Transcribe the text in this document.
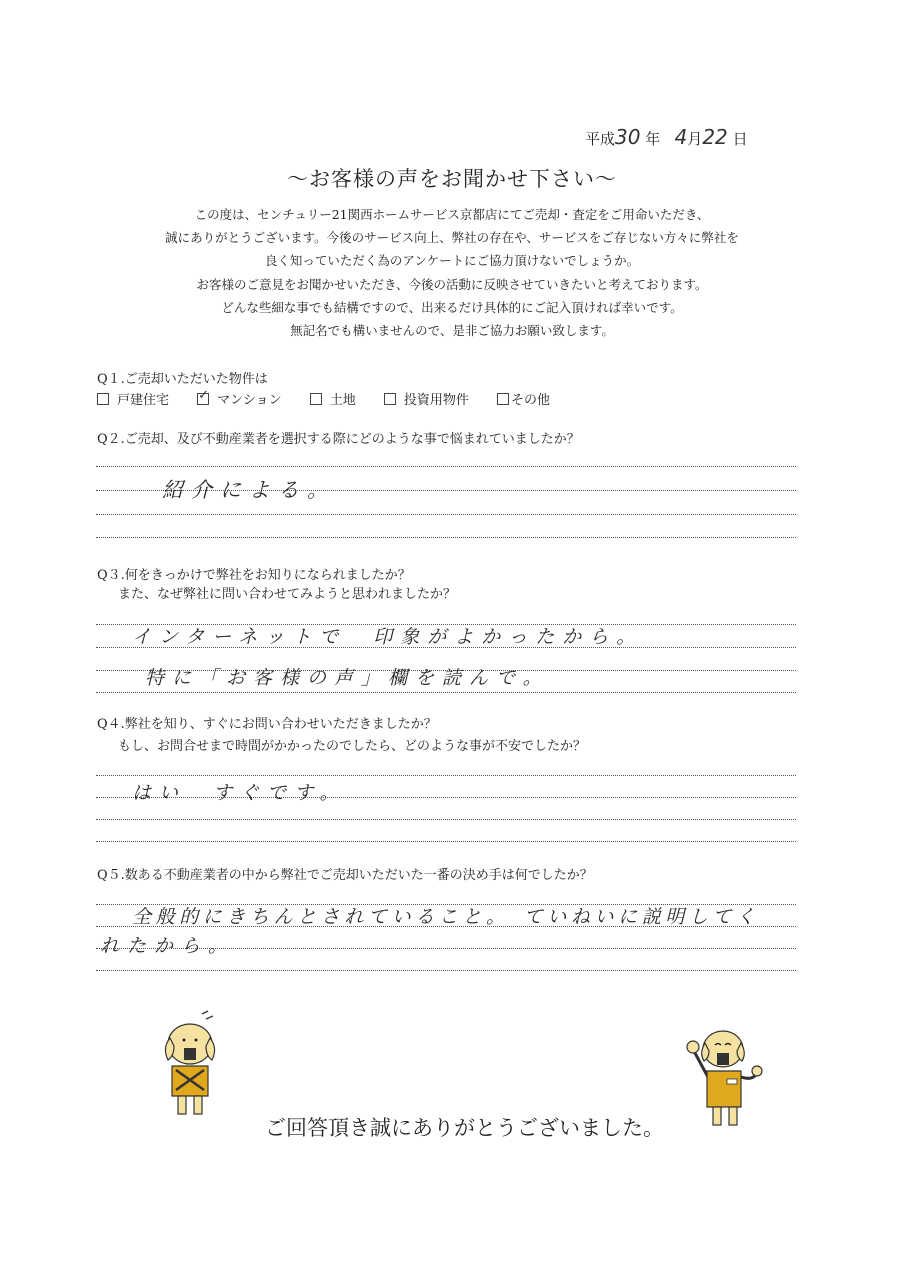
平成30 年 4月22 日
～お客様の声をお聞かせ下さい～
この度は、センチュリー21関西ホームサービス京都店にてご売却・査定をご用命いただき、
誠にありがとうございます。今後のサービス向上、弊社の存在や、サービスをご存じない方々に弊社を
良く知っていただく為のアンケートにご協力頂けないでしょうか。
お客様のご意見をお聞かせいただき、今後の活動に反映させていきたいと考えております。
どんな些細な事でも結構ですので、出来るだけ具体的にご記入頂ければ幸いです。
無記名でも構いませんので、是非ご協力お願い致します。
Q１.ご売却いただいた物件は
戸建住宅 ✓	マンション	土地	投資用物件	その他
Q２.ご売却、及び不動産業者を選択する際にどのような事で悩まれていましたか？
紹介による。
Q３.何をきっかけで弊社をお知りになられましたか？
また、なぜ弊社に問い合わせてみようと思われましたか？
インターネットで　印象がよかったから。
特に「お客様の声」欄を読んで。
Q４.弊社を知り、すぐにお問い合わせいただきましたか？
もし、お問合せまで時間がかかったのでしたら、どのような事が不安でしたか？
はい　すぐです。
Q５.数ある不動産業者の中から弊社でご売却いただいた一番の決め手は何でしたか？
全般的にきちんとされていること。　ていねいに説明してく
れたから。
ご回答頂き誠にありがとうございました。
